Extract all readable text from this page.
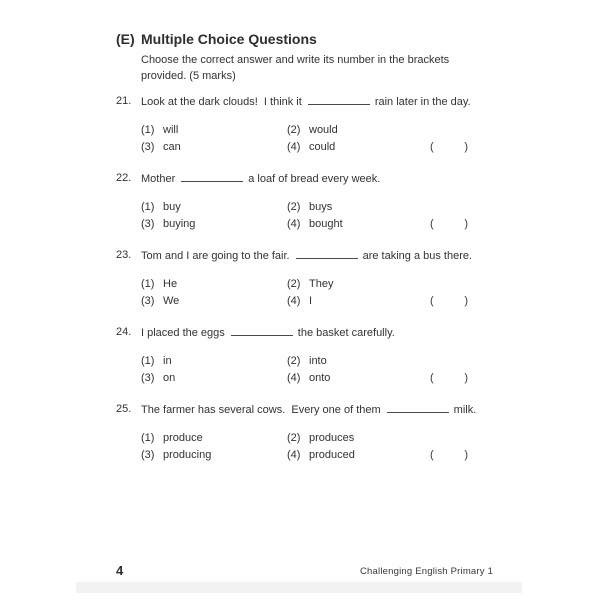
(E) Multiple Choice Questions
Choose the correct answer and write its number in the brackets
provided. (5 marks)
21. Look at the dark clouds!  I think it	rain later in the day.
(1) will	(2) would
(3) can	(4) could	(	)
22. Mother	a loaf of bread every week.
(1) buy	(2) buys
(3) buying	(4) bought	(	)
23. Tom and I are going to the fair.	are taking a bus there.
(1) He	(2) They
(3) We	(4) I	(	)
24. I placed the eggs	the basket carefully.
(1) in	(2) into
(3) on	(4) onto	(	)
25. The farmer has several cows.  Every one of them	milk.
(1) produce	(2) produces
(3) producing	(4) produced	(	)
4	Challenging English Primary 1
